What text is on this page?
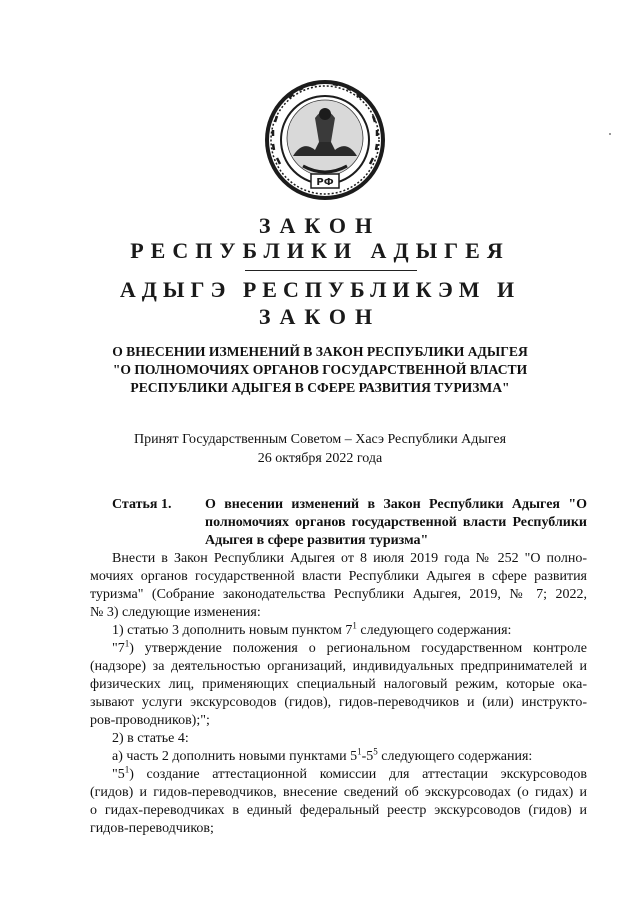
РФ
ЗАКОН
РЕСПУБЛИКИ АДЫГЕЯ
АДЫГЭ РЕСПУБЛИКЭМ И
ЗАКОН
О ВНЕСЕНИИ ИЗМЕНЕНИЙ В ЗАКОН РЕСПУБЛИКИ АДЫГЕЯ
"О ПОЛНОМОЧИЯХ ОРГАНОВ ГОСУДАРСТВЕННОЙ ВЛАСТИ
РЕСПУБЛИКИ АДЫГЕЯ В СФЕРЕ РАЗВИТИЯ ТУРИЗМА"
Принят Государственным Советом – Хасэ Республики Адыгея
26 октября 2022 года
Статья 1. О внесении изменений в Закон Республики Адыгея "О полномочиях органов государственной власти Республики Адыгея в сфере развития туризма"
Внести в Закон Республики Адыгея от 8 июля 2019 года № 252 "О полно-
мочиях органов государственной власти Республики Адыгея в сфере развития
туризма" (Собрание законодательства Республики Адыгея, 2019, № 7; 2022,
№ 3) следующие изменения:
1) статью 3 дополнить новым пунктом $7^1$ следующего содержания:
"$7^1$) утверждение положения о региональном государственном контроле
(надзоре) за деятельностью организаций, индивидуальных предпринимателей и
физических лиц, применяющих специальный налоговый режим, которые ока-
зывают услуги экскурсоводов (гидов), гидов-переводчиков и (или) инструкто-
ров-проводников);";
2) в статье 4:
а) часть 2 дополнить новыми пунктами $5^1-5^5$ следующего содержания:
"$5^1$) создание аттестационной комиссии для аттестации экскурсоводов
(гидов) и гидов-переводчиков, внесение сведений об экскурсоводах (о гидах) и
о гидах-переводчиках в единый федеральный реестр экскурсоводов (гидов) и
гидов-переводчиков;
